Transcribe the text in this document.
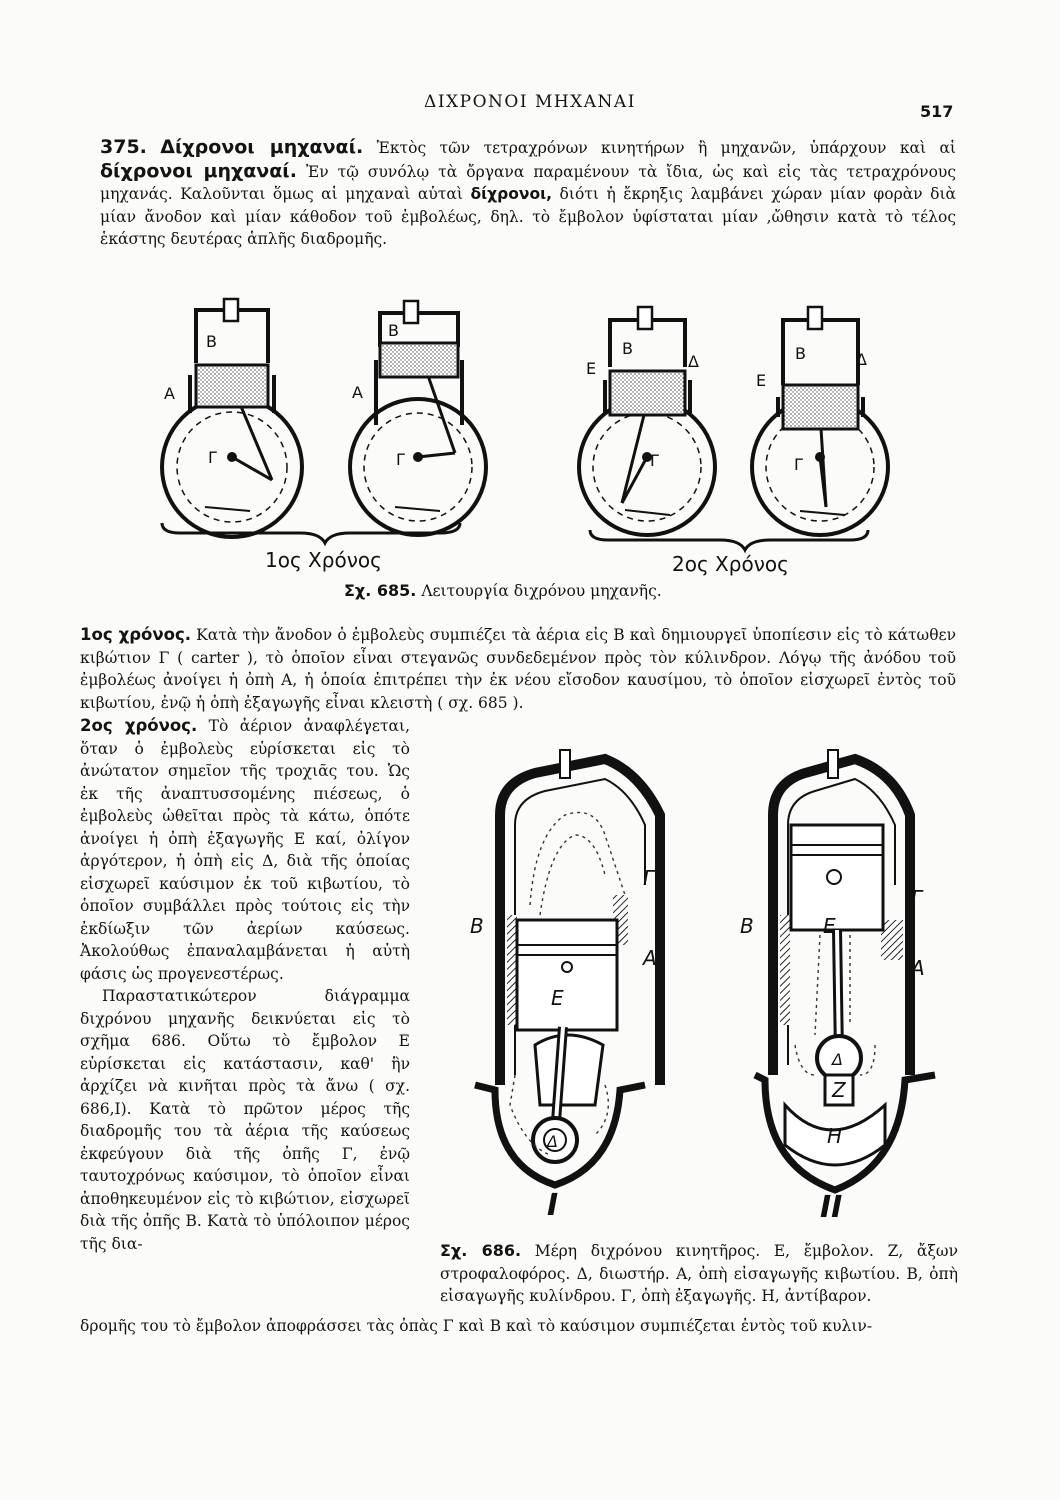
ΔΙΧΡΟΝΟΙ ΜΗΧΑΝΑΙ	517
375. Δίχρονοι μηχαναί. Ἐκτὸς τῶν τετραχρόνων κινητήρων ἢ μηχανῶν, ὑπάρχουν καὶ αἱ δίχρονοι μηχαναί. Ἐν τῷ συνόλῳ τὰ ὄργανα παραμένουν τὰ ἴδια, ὡς καὶ εἰς τὰς τετραχρόνους μηχανάς. Καλοῦνται ὅμως αἱ μηχαναὶ αὐταὶ δίχρονοι, διότι ἡ ἔκρηξις λαμβάνει χώραν μίαν φορὰν διὰ μίαν ἄνοδον καὶ μίαν κάθοδον τοῦ ἐμβολέως, δηλ. τὸ ἔμβολον ὑφίσταται μίαν ,ὤθησιν κατὰ τὸ τέλος ἑκάστης δευτέρας ἁπλῆς διαδρομῆς.
Β
Α
Γ
Β
Α
Γ
Β
Ε	Δ
Γ
Β
Ε
Δ
Γ
1ος Χρόνος	2ος Χρόνος
Σχ. 685. Λειτουργία διχρόνου μηχανῆς.
1ος χρόνος. Κατὰ τὴν ἄνοδον ὁ ἐμβολεὺς συμπιέζει τὰ ἀέρια εἰς Β καὶ δημιουργεῖ ὑποπίεσιν εἰς τὸ κάτωθεν κιβώτιον Γ ( carter ), τὸ ὁποῖον εἶναι στεγανῶς συνδεδεμένον πρὸς τὸν κύλινδρον. Λόγῳ τῆς ἀνόδου τοῦ ἐμβολέως ἀνοίγει ἡ ὀπὴ Α, ἡ ὁποία ἐπιτρέπει τὴν ἐκ νέου εἴσοδον καυσίμου, τὸ ὁποῖον εἰσχωρεῖ ἐντὸς τοῦ κιβωτίου, ἐνῷ ἡ ὀπὴ ἐξαγωγῆς εἶναι κλειστὴ ( σχ. 685 ).
2ος χρόνος. Τὸ ἀέριον ἀναφλέγεται, ὅταν ὁ ἐμβολεὺς εὑρίσκεται εἰς τὸ ἀνώτατον σημεῖον τῆς τροχιᾶς του. Ὡς ἐκ τῆς ἀναπτυσσομένης πιέσεως, ὁ ἐμβολεὺς ὠθεῖται πρὸς τὰ κάτω, ὁπότε ἀνοίγει ἡ ὀπὴ ἐξαγωγῆς Ε καί, ὀλίγον ἀργότερον, ἡ ὀπὴ εἰς Δ, διὰ τῆς ὁποίας εἰσχωρεῖ καύσιμον ἐκ τοῦ κιβωτίου, τὸ ὁποῖον συμβάλλει πρὸς τούτοις εἰς τὴν ἐκδίωξιν τῶν ἀερίων καύσεως. Ἀκολούθως ἐπαναλαμβάνεται ἡ αὐτὴ φάσις ὡς προγενεστέρως.
Παραστατικώτερον διάγραμμα διχρόνου μηχανῆς δεικνύεται εἰς τὸ σχῆμα 686. Οὕτω τὸ ἔμβολον Ε εὑρίσκεται εἰς κατάστασιν, καθ' ἣν ἀρχίζει νὰ κινῆται πρὸς τὰ ἄνω ( σχ. 686,Ι). Κατὰ τὸ πρῶτον μέρος τῆς διαδρομῆς του τὰ ἀέρια τῆς καύσεως ἐκφεύγουν διὰ τῆς ὀπῆς Γ, ἐνῷ ταυτοχρόνως καύσιμον, τὸ ὁποῖον εἶναι ἀποθηκευμένον εἰς τὸ κιβώτιον, εἰσχωρεῖ διὰ τῆς ὀπῆς Β. Κατὰ τὸ ὑπόλοιπον μέρος τῆς δια-
Β
Γ
Α
Ε
Δ
Β
Γ
Α
Ε
Δ
Ζ
Η
I	II
Σχ. 686. Μέρη διχρόνου κινητῆρος. Ε, ἔμβολον. Ζ, ἄξων στροφαλοφόρος. Δ, διωστήρ. Α, ὀπὴ εἰσαγωγῆς κιβωτίου. Β, ὀπὴ εἰσαγωγῆς κυλίνδρου. Γ, ὀπὴ ἐξαγωγῆς. Η, ἀντίβαρον.
δρομῆς του τὸ ἔμβολον ἀποφράσσει τὰς ὀπὰς Γ καὶ Β καὶ τὸ καύσιμον συμπιέζεται ἐντὸς τοῦ κυλιν-
